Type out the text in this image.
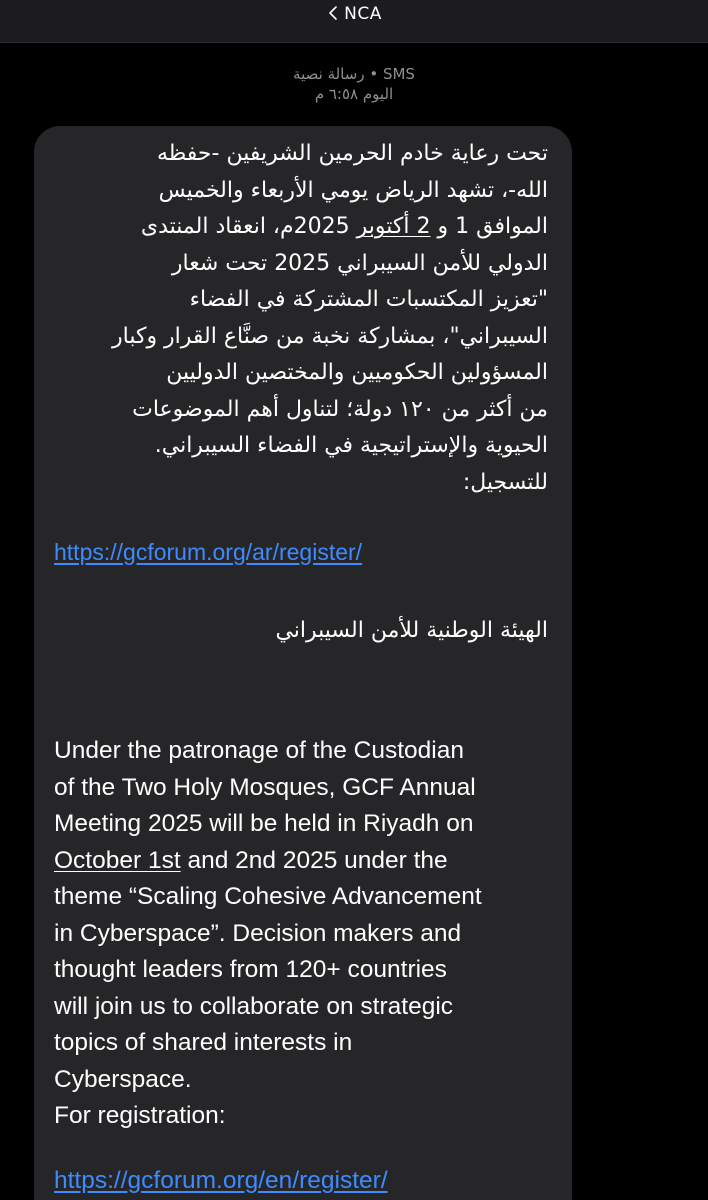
NCA
رسالة نصية • SMS
اليوم ٦:٥٨ م

تحت رعاية خادم الحرمين الشريفين -حفظه

الله-، تشهد الرياض يومي الأربعاء والخميس

الموافق 1 و 2 أكتوبر 2025م، انعقاد المنتدى

الدولي للأمن السيبراني 2025 تحت شعار

"تعزيز المكتسبات المشتركة في الفضاء

السيبراني"، بمشاركة نخبة من صنَّاع القرار وكبار

المسؤولين الحكوميين والمختصين الدوليين

من أكثر من ١٢٠ دولة؛ لتناول أهم الموضوعات

الحيوية والإستراتيجية في الفضاء السيبراني.

للتسجيل:

https://gcforum.org/ar/register/
الهيئة الوطنية للأمن السيبراني

Under the patronage of the Custodian

of the Two Holy Mosques, GCF Annual

Meeting 2025 will be held in Riyadh on

October 1st and 2nd 2025 under the

theme “Scaling Cohesive Advancement

in Cyberspace”. Decision makers and

thought leaders from 120+ countries

will join us to collaborate on strategic

topics of shared interests in

Cyberspace.

For registration:

https://gcforum.org/en/register/
